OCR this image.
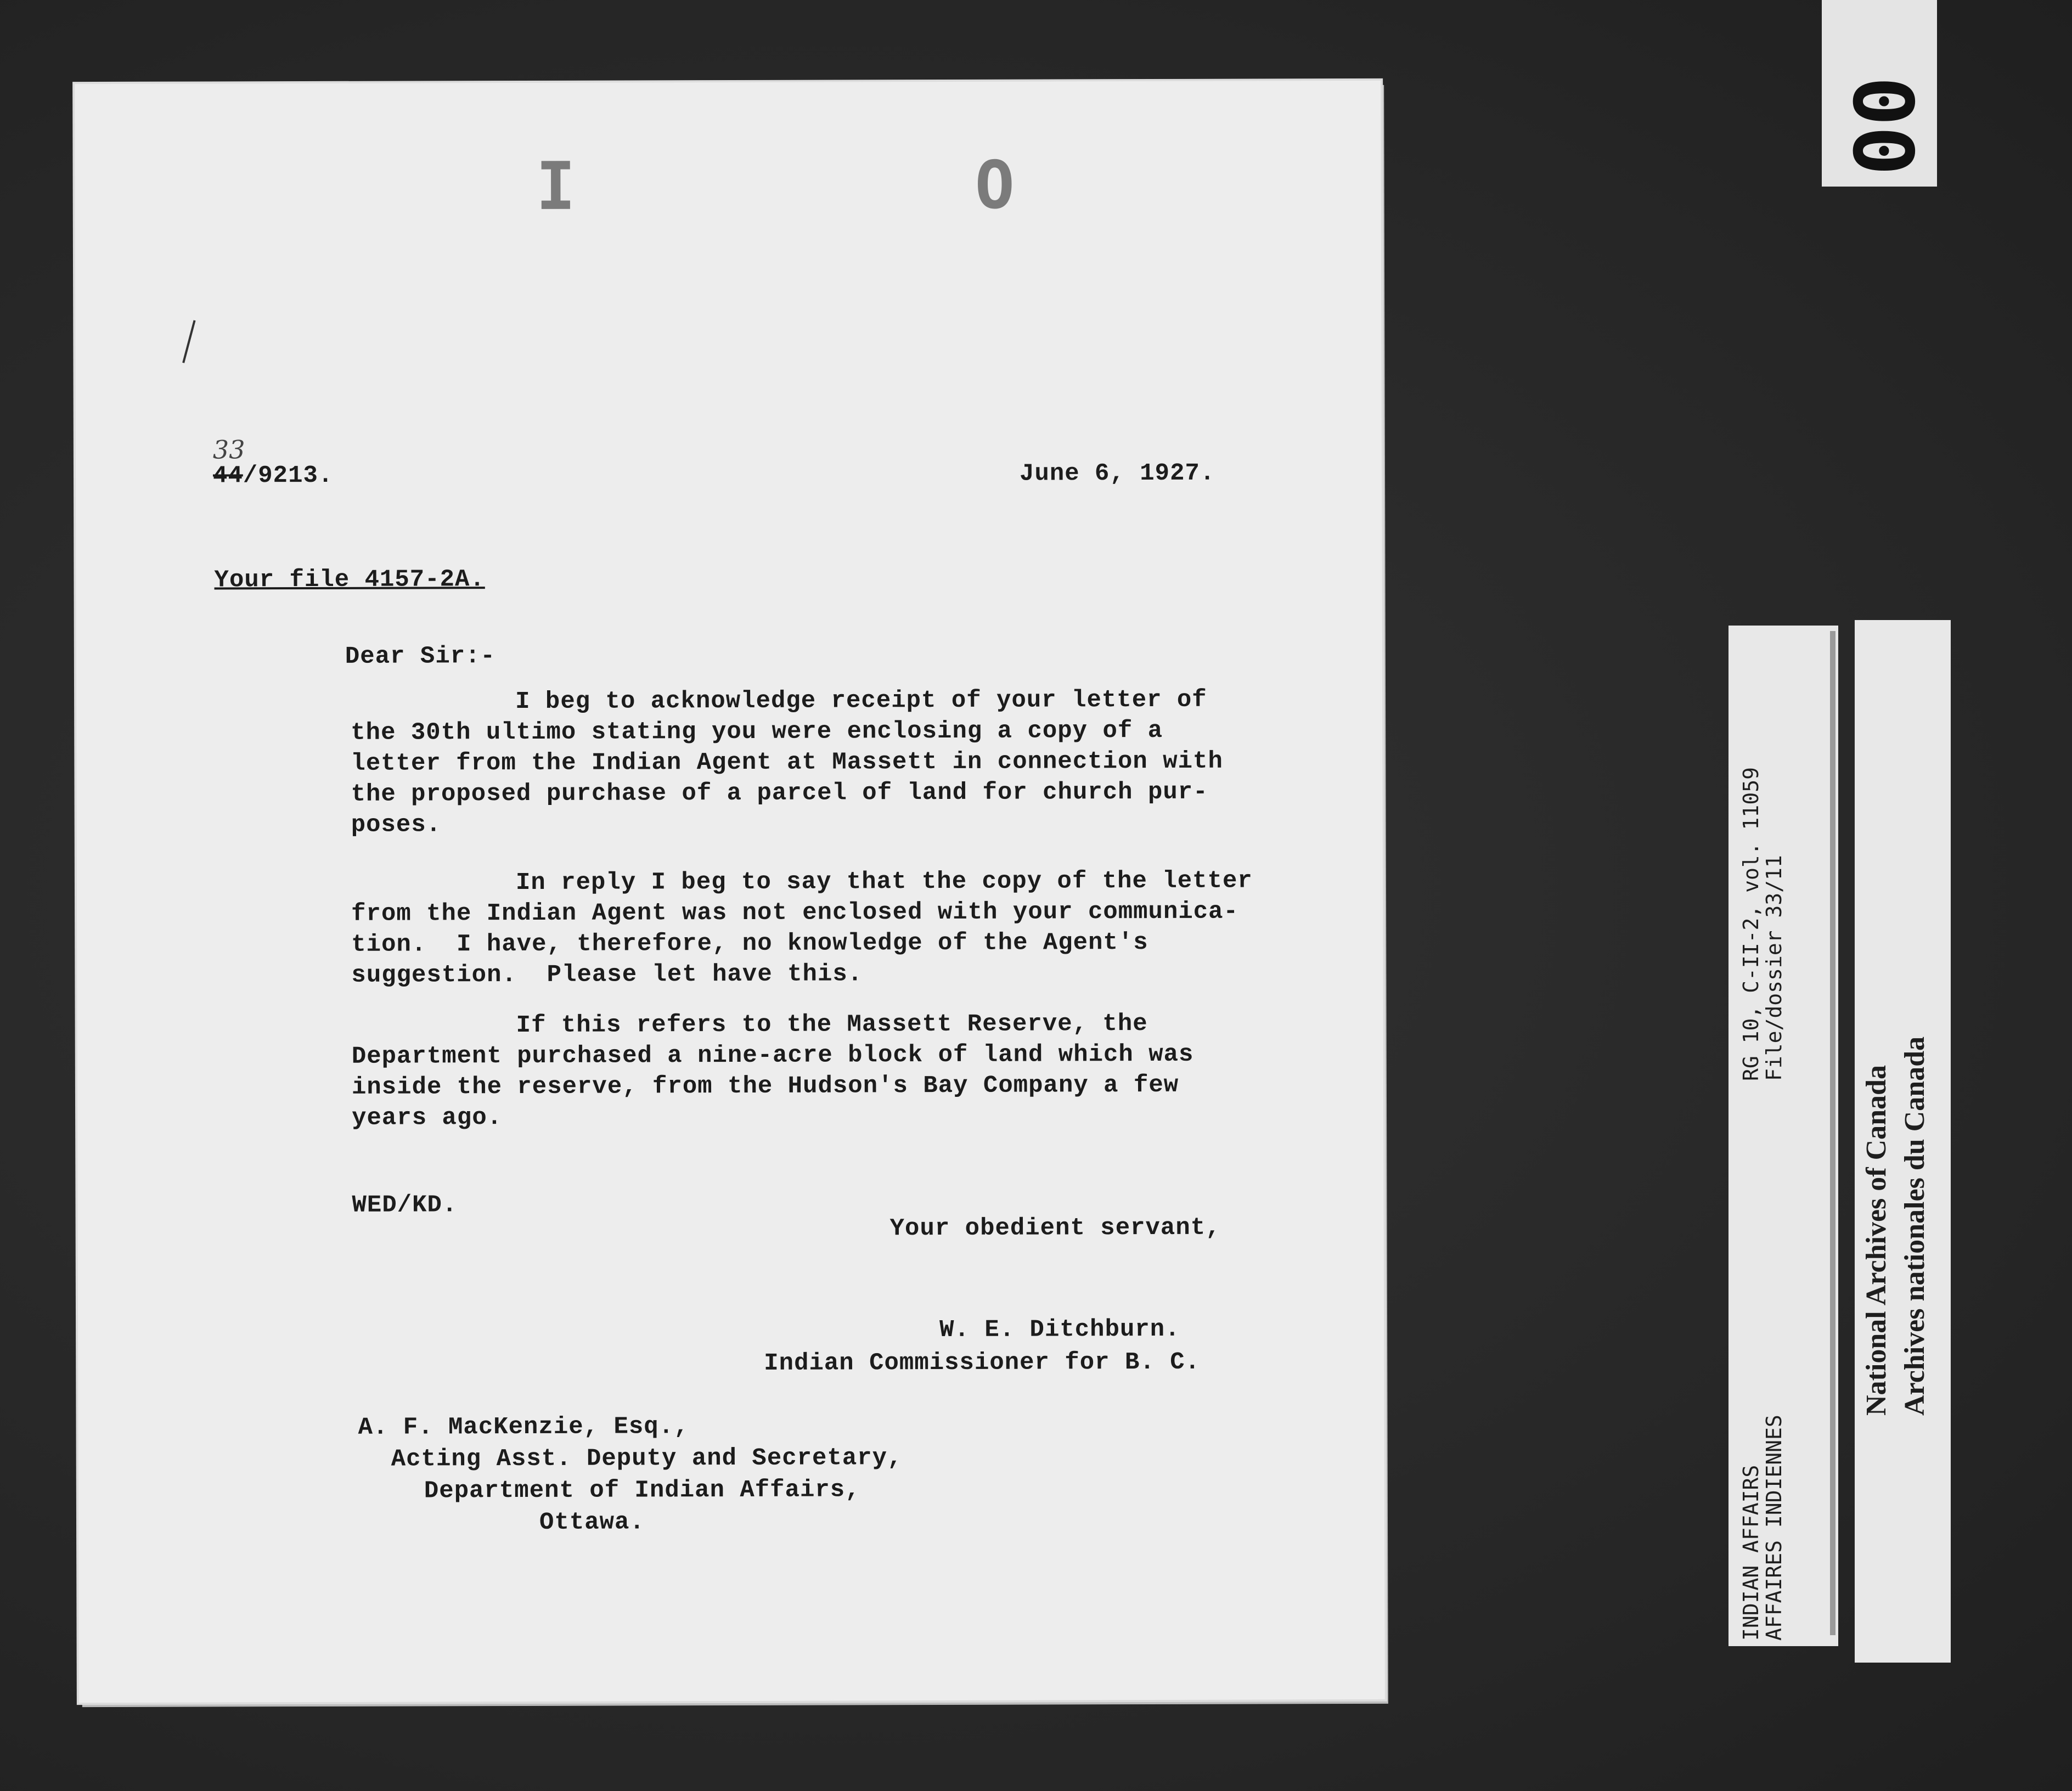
I	O
33
44/9213.	June 6, 1927.
Your file 4157-2A.
Dear Sir:-
I beg to acknowledge receipt of your letter of
the 30th ultimo stating you were enclosing a copy of a
letter from the Indian Agent at Massett in connection with
the proposed purchase of a parcel of land for church pur-
poses.
In reply I beg to say that the copy of the letter
from the Indian Agent was not enclosed with your communica-
tion.  I have, therefore, no knowledge of the Agent's
suggestion.  Please let have this.
If this refers to the Massett Reserve, the
Department purchased a nine-acre block of land which was
inside the reserve, from the Hudson's Bay Company a few
years ago.
WED/KD.
Your obedient servant,
W. E. Ditchburn.
Indian Commissioner for B. C.
A. F. MacKenzie, Esq.,
Acting Asst. Deputy and Secretary,
Department of Indian Affairs,
Ottawa.
00
INDIAN AFFAIRS
AFFAIRES INDIENNES
RG 10, C-II-2, vol. 11059
File/dossier 33/11
National Archives of Canada Archives nationales du Canada
